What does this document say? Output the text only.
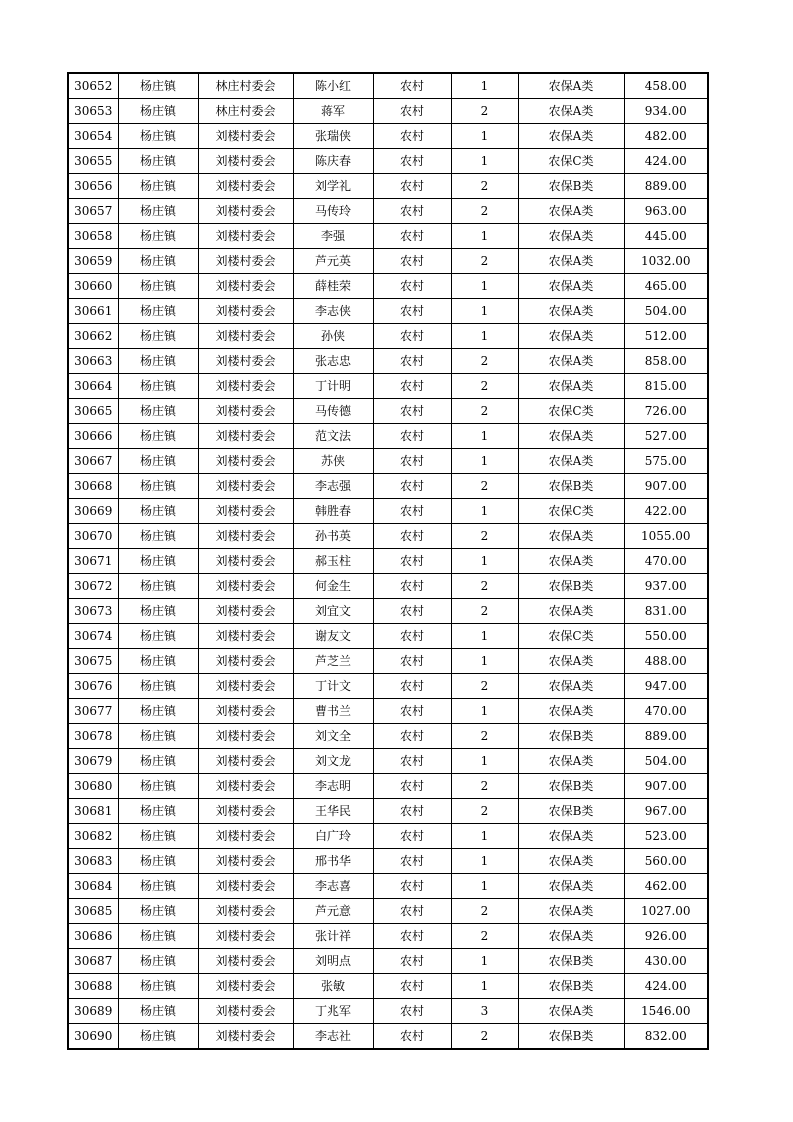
30652	杨庄镇	林庄村委会	陈小红	农村	1	农保A类	458.00
30653	杨庄镇	林庄村委会	蒋军	农村	2	农保A类	934.00
30654	杨庄镇	刘楼村委会	张瑞侠	农村	1	农保A类	482.00
30655	杨庄镇	刘楼村委会	陈庆春	农村	1	农保C类	424.00
30656	杨庄镇	刘楼村委会	刘学礼	农村	2	农保B类	889.00
30657	杨庄镇	刘楼村委会	马传玲	农村	2	农保A类	963.00
30658	杨庄镇	刘楼村委会	李强	农村	1	农保A类	445.00
30659	杨庄镇	刘楼村委会	芦元英	农村	2	农保A类	1032.00
30660	杨庄镇	刘楼村委会	薛桂荣	农村	1	农保A类	465.00
30661	杨庄镇	刘楼村委会	李志侠	农村	1	农保A类	504.00
30662	杨庄镇	刘楼村委会	孙侠	农村	1	农保A类	512.00
30663	杨庄镇	刘楼村委会	张志忠	农村	2	农保A类	858.00
30664	杨庄镇	刘楼村委会	丁计明	农村	2	农保A类	815.00
30665	杨庄镇	刘楼村委会	马传德	农村	2	农保C类	726.00
30666	杨庄镇	刘楼村委会	范文法	农村	1	农保A类	527.00
30667	杨庄镇	刘楼村委会	苏侠	农村	1	农保A类	575.00
30668	杨庄镇	刘楼村委会	李志强	农村	2	农保B类	907.00
30669	杨庄镇	刘楼村委会	韩胜春	农村	1	农保C类	422.00
30670	杨庄镇	刘楼村委会	孙书英	农村	2	农保A类	1055.00
30671	杨庄镇	刘楼村委会	郝玉柱	农村	1	农保A类	470.00
30672	杨庄镇	刘楼村委会	何金生	农村	2	农保B类	937.00
30673	杨庄镇	刘楼村委会	刘宜文	农村	2	农保A类	831.00
30674	杨庄镇	刘楼村委会	谢友文	农村	1	农保C类	550.00
30675	杨庄镇	刘楼村委会	芦芝兰	农村	1	农保A类	488.00
30676	杨庄镇	刘楼村委会	丁计文	农村	2	农保A类	947.00
30677	杨庄镇	刘楼村委会	曹书兰	农村	1	农保A类	470.00
30678	杨庄镇	刘楼村委会	刘文全	农村	2	农保B类	889.00
30679	杨庄镇	刘楼村委会	刘文龙	农村	1	农保A类	504.00
30680	杨庄镇	刘楼村委会	李志明	农村	2	农保B类	907.00
30681	杨庄镇	刘楼村委会	王华民	农村	2	农保B类	967.00
30682	杨庄镇	刘楼村委会	白广玲	农村	1	农保A类	523.00
30683	杨庄镇	刘楼村委会	邢书华	农村	1	农保A类	560.00
30684	杨庄镇	刘楼村委会	李志喜	农村	1	农保A类	462.00
30685	杨庄镇	刘楼村委会	芦元意	农村	2	农保A类	1027.00
30686	杨庄镇	刘楼村委会	张计祥	农村	2	农保A类	926.00
30687	杨庄镇	刘楼村委会	刘明点	农村	1	农保B类	430.00
30688	杨庄镇	刘楼村委会	张敏	农村	1	农保B类	424.00
30689	杨庄镇	刘楼村委会	丁兆军	农村	3	农保A类	1546.00
30690	杨庄镇	刘楼村委会	李志社	农村	2	农保B类	832.00
